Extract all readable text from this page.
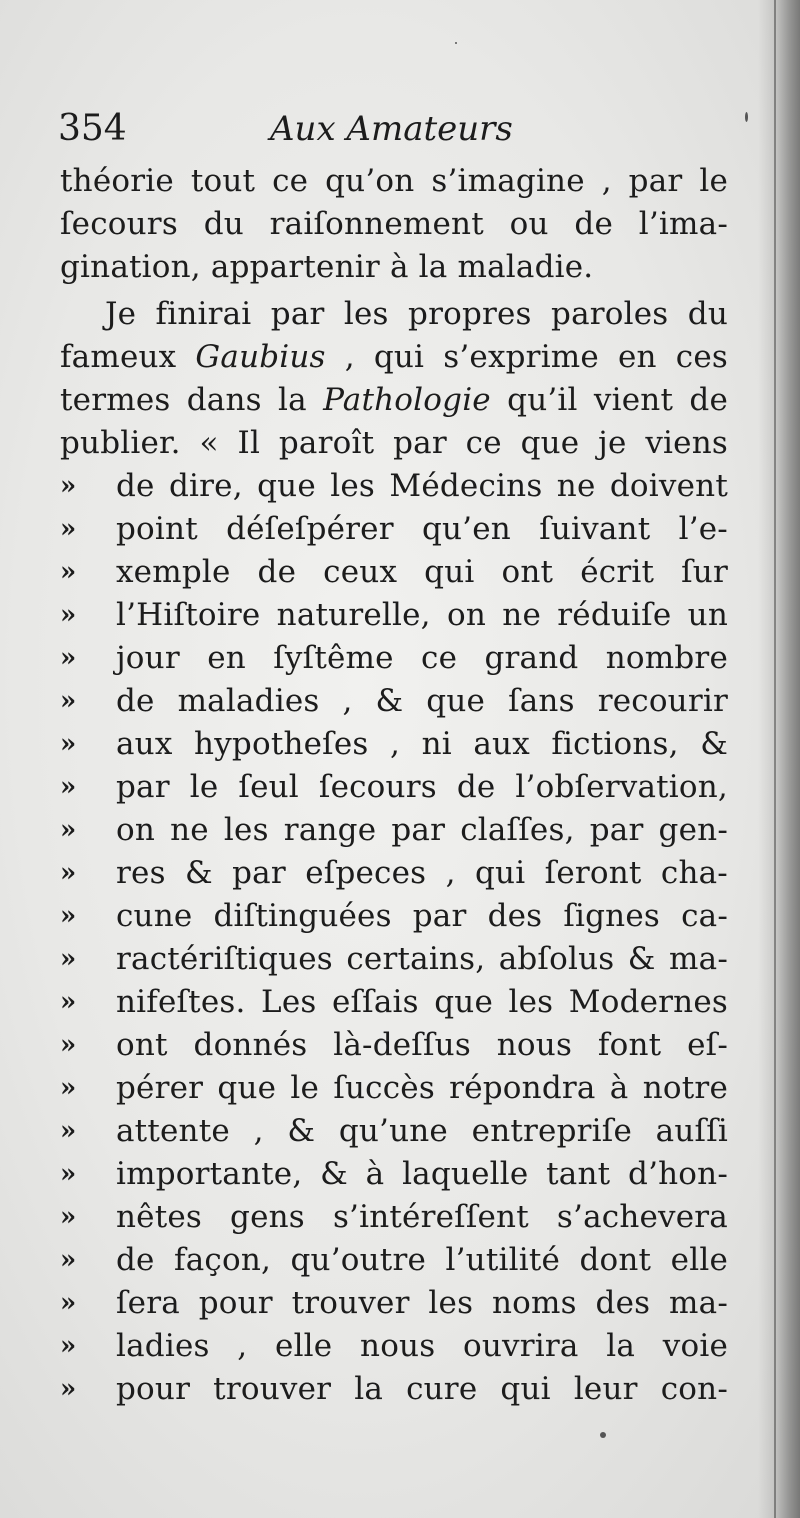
354	Aux Amateurs
théorie tout ce qu’on s’imagine , par le
ſecours du raiſonnement ou de l’ima-
gination, appartenir à la maladie.
Je finirai par les propres paroles du
fameux Gaubius , qui s’exprime en ces
termes dans la Pathologie qu’il vient de
publier. « Il paroît par ce que je viens
»	de dire, que les Médecins ne doivent
»	point déſeſpérer qu’en ſuivant l’e-
»	xemple de ceux qui ont écrit ſur
»	l’Hiſtoire naturelle, on ne réduiſe un
»	jour en ſyſtême ce grand nombre
»	de maladies , & que ſans recourir
»	aux hypotheſes , ni aux fictions, &
»	par le ſeul ſecours de l’obſervation,
»	on ne les range par claſſes, par gen-
»	res & par eſpeces , qui ſeront cha-
»	cune diſtinguées par des ſignes ca-
»	ractériſtiques certains, abſolus & ma-
»	nifeſtes. Les eſſais que les Modernes
»	ont donnés là-deſſus nous font eſ-
»	pérer que le ſuccès répondra à notre
»	attente , & qu’une entrepriſe auſſi
»	importante, & à laquelle tant d’hon-
»	nêtes gens s’intéreſſent s’achevera
»	de façon, qu’outre l’utilité dont elle
»	ſera pour trouver les noms des ma-
»	ladies , elle nous ouvrira la voie
»	pour trouver la cure qui leur con-
